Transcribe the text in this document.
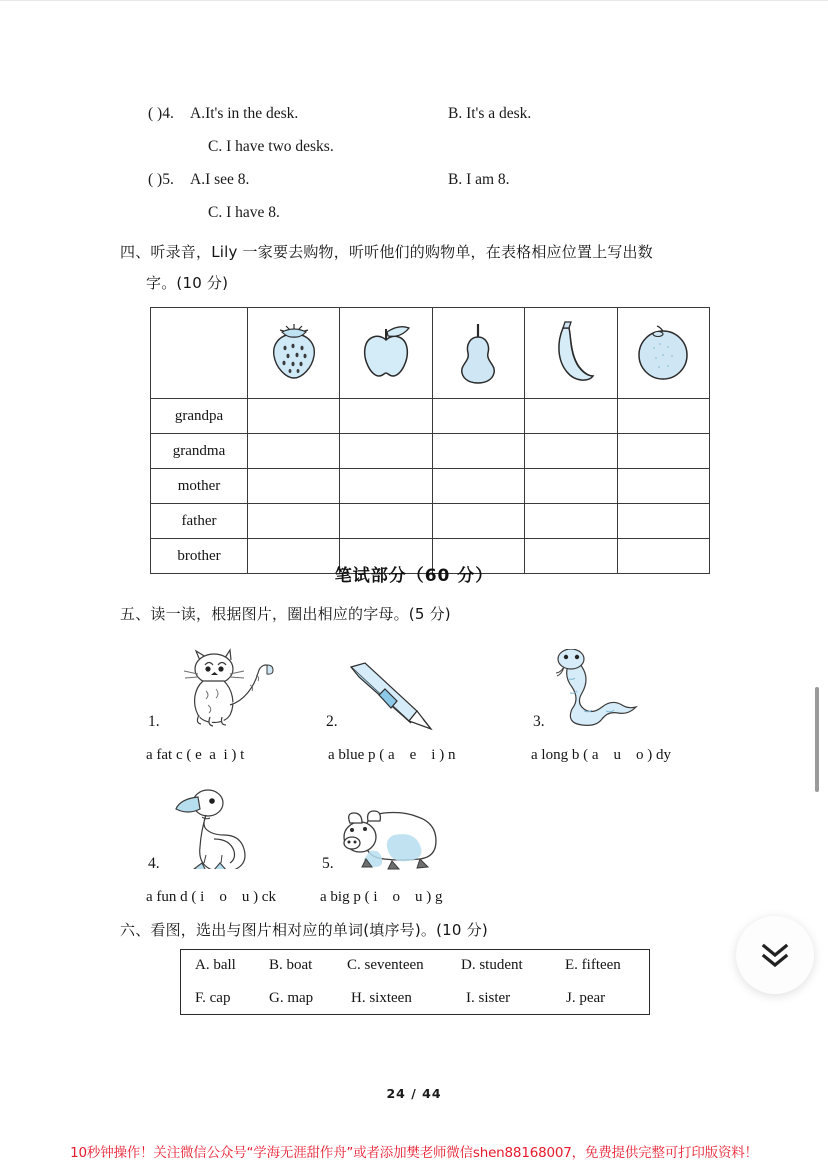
( )4. A.It's in the desk.	B. It's a desk.
C. I have two desks.
( )5. A.I see 8.	B. I am 8.
C. I have 8.
四、听录音，Lily 一家要去购物，听听他们的购物单，在表格相应位置上写出数
字。(10 分)

grandpa					
grandma					
mother					
father					
brother					
笔试部分（60 分）
五、读一读，根据图片，圈出相应的字母。(5 分)
1.
a fat c ( e  a  i ) t
2.
a blue p ( a    e    i ) n
3.
a long b ( a    u    o ) dy
4.
a fun d ( i    o    u ) ck
5.
a big p ( i    o    u ) g
六、看图，选出与图片相对应的单词(填序号)。(10 分)
A. ball B. boat C. seventeen D. student	E. fifteen
F. cap	G. map	H. sixteen	I. sister	J. pear
24 / 44
10秒钟操作！关注微信公众号“学海无涯甜作舟”或者添加樊老师微信shen88168007，免费提供完整可打印版资料！
